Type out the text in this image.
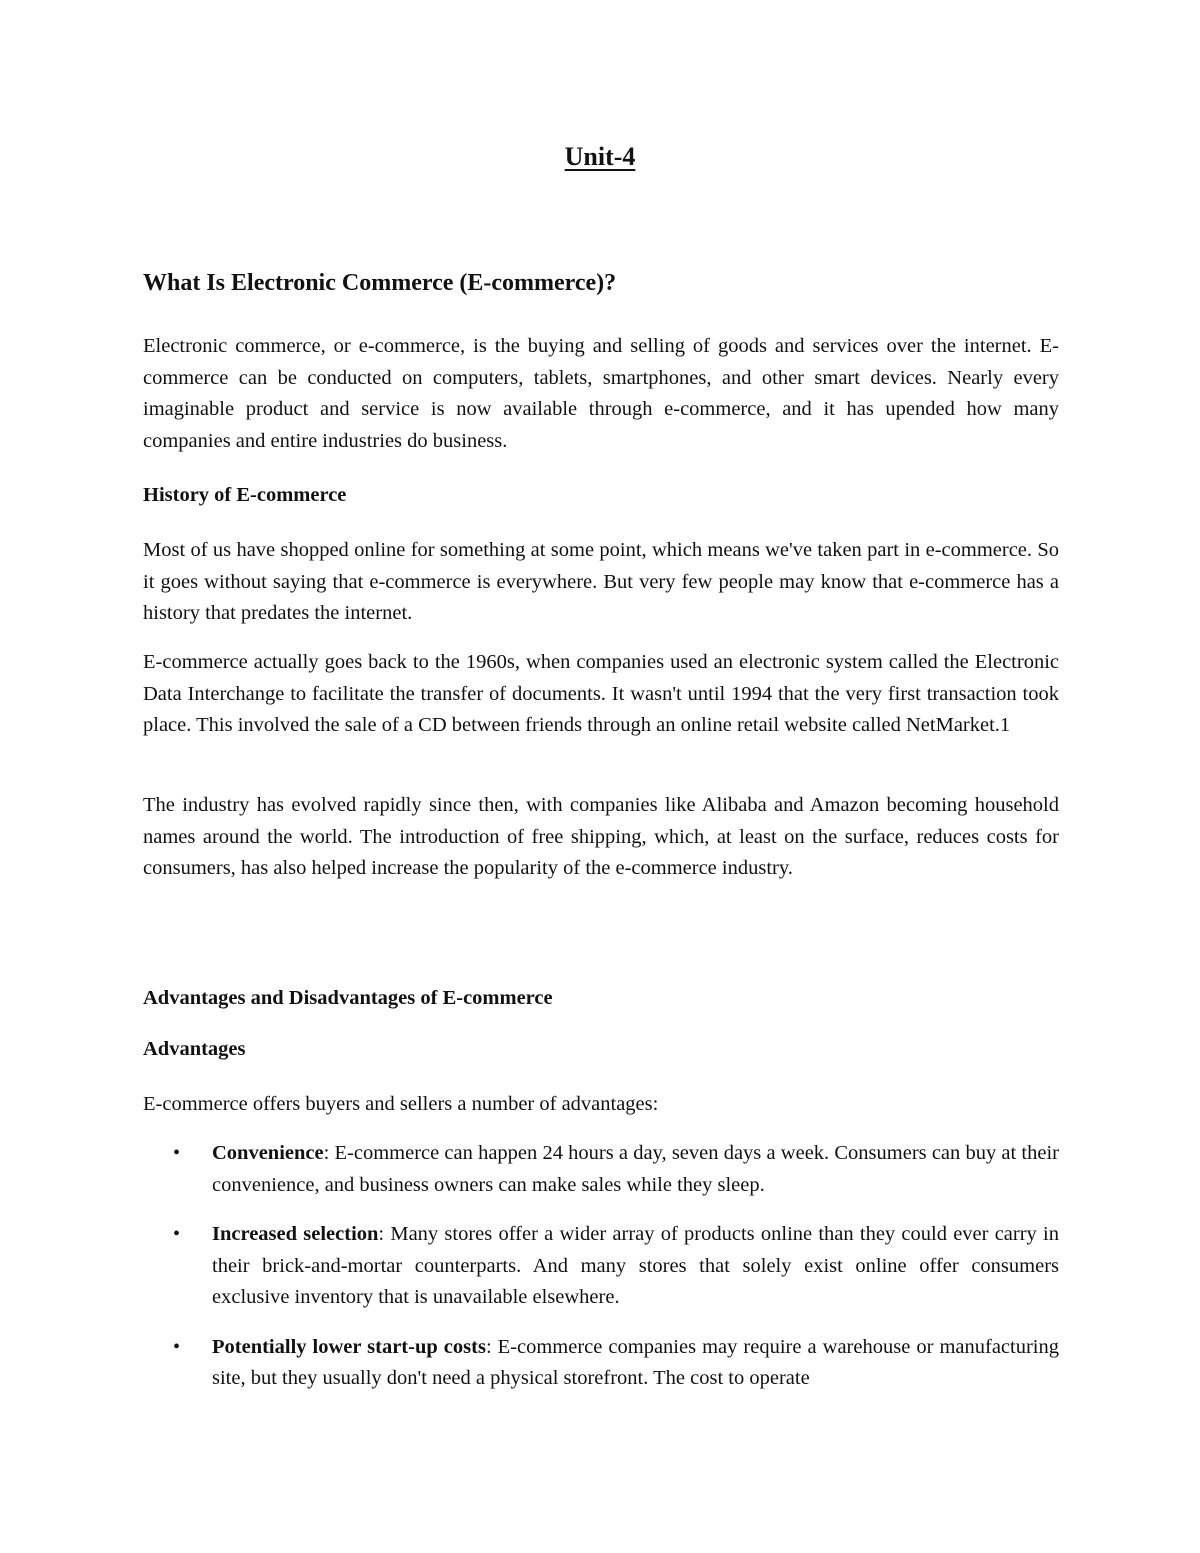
Unit-4
What Is Electronic Commerce (E-commerce)?

Electronic commerce, or e-commerce, is the buying and selling of goods and services over the internet. E-commerce can be conducted on computers, tablets, smartphones, and other smart devices. Nearly every imaginable product and service is now available through e-commerce, and it has upended how many companies and entire industries do business.

History of E-commerce

Most of us have shopped online for something at some point, which means we've taken part in e-commerce. So it goes without saying that e-commerce is everywhere. But very few people may know that e-commerce has a history that predates the internet.

E-commerce actually goes back to the 1960s, when companies used an electronic system called the Electronic Data Interchange to facilitate the transfer of documents. It wasn't until 1994 that the very first transaction took place. This involved the sale of a CD between friends through an online retail website called NetMarket.1

The industry has evolved rapidly since then, with companies like Alibaba and Amazon becoming household names around the world. The introduction of free shipping, which, at least on the surface, reduces costs for consumers, has also helped increase the popularity of the e-commerce industry.

Advantages and Disadvantages of E-commerce
Advantages

E-commerce offers buyers and sellers a number of advantages:

• Convenience: E-commerce can happen 24 hours a day, seven days a week. Consumers can buy at their convenience, and business owners can make sales while they sleep.
• Increased selection: Many stores offer a wider array of products online than they could ever carry in their brick-and-mortar counterparts. And many stores that solely exist online offer consumers exclusive inventory that is unavailable elsewhere.
• Potentially lower start-up costs: E-commerce companies may require a warehouse or manufacturing site, but they usually don't need a physical storefront. The cost to operate
